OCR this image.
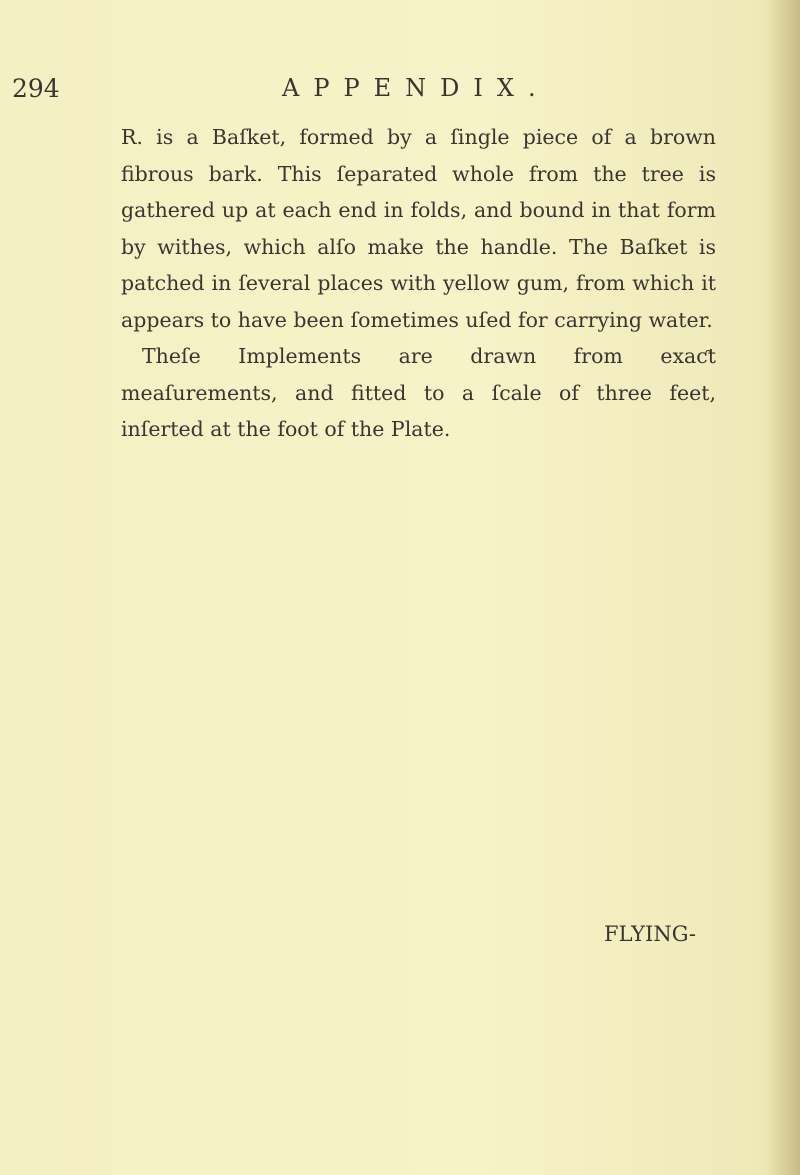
294	APPENDIX.

R. is a Baſket, formed by a ſingle piece of a brown fibrous bark. This ſeparated whole from the tree is gathered up at each end in folds, and bound in that form by withes, which alſo make the handle. The Baſket is patched in ſeveral places with yellow gum, from which it appears to have been ſometimes uſed for carrying water.

Theſe Implements are drawn from exaƈt meaſurements, and fitted to a ſcale of three feet, inſerted at the foot of the Plate.

FLYING-
